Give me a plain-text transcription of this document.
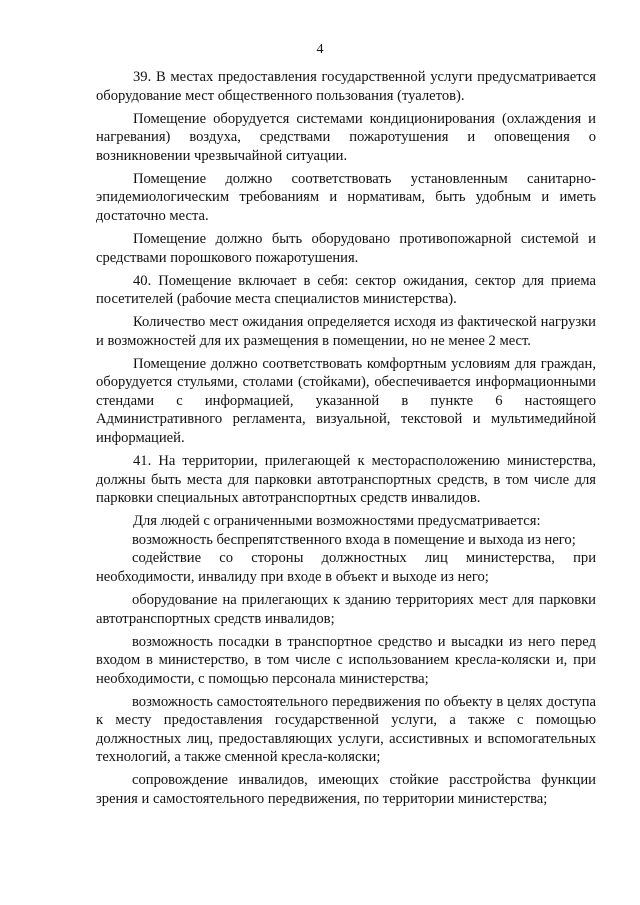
4

39. В местах предоставления государственной услуги предусматривается оборудование мест общественного пользования (туалетов).

Помещение оборудуется системами кондиционирования (охлаждения и нагревания) воздуха, средствами пожаротушения и оповещения о возникновении чрезвычайной ситуации.

Помещение должно соответствовать установленным санитарно-эпидемиологическим требованиям и нормативам, быть удобным и иметь достаточно места.

Помещение должно быть оборудовано противопожарной системой и средствами порошкового пожаротушения.

40. Помещение включает в себя: сектор ожидания, сектор для приема посетителей (рабочие места специалистов министерства).

Количество мест ожидания определяется исходя из фактической нагрузки и возможностей для их размещения в помещении, но не менее 2 мест.

Помещение должно соответствовать комфортным условиям для граждан, оборудуется стульями, столами (стойками), обеспечивается информационными стендами с информацией, указанной в пункте 6 настоящего Административного регламента, визуальной, текстовой и мультимедийной информацией.

41. На территории, прилегающей к месторасположению министерства, должны быть места для парковки автотранспортных средств, в том числе для парковки специальных автотранспортных средств инвалидов.

Для людей с ограниченными возможностями предусматривается:

возможность беспрепятственного входа в помещение и выхода из него;

содействие со стороны должностных лиц министерства, при необходимости, инвалиду при входе в объект и выходе из него;

оборудование на прилегающих к зданию территориях мест для парковки автотранспортных средств инвалидов;

возможность посадки в транспортное средство и высадки из него перед входом в министерство, в том числе с использованием кресла-коляски и, при необходимости, с помощью персонала министерства;

возможность самостоятельного передвижения по объекту в целях доступа к месту предоставления государственной услуги, а также с помощью должностных лиц, предоставляющих услуги, ассистивных и вспомогательных технологий, а также сменной кресла-коляски;

сопровождение инвалидов, имеющих стойкие расстройства функции зрения и самостоятельного передвижения, по территории министерства;
